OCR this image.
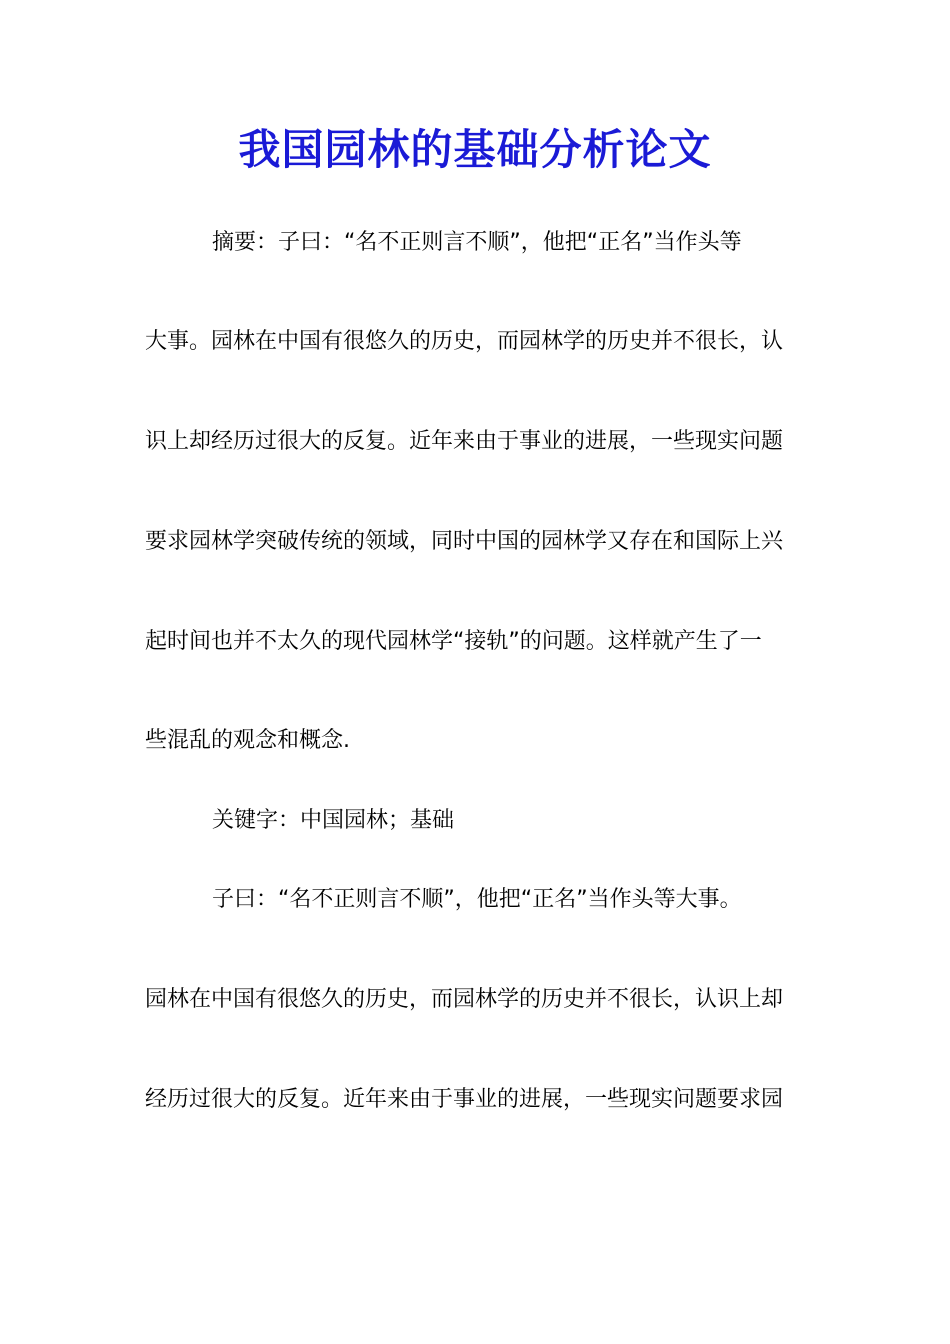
我国园林的基础分析论文
摘要：子曰：“名不正则言不顺”，他把“正名”当作头等
大事。园林在中国有很悠久的历史，而园林学的历史并不很长，认
识上却经历过很大的反复。近年来由于事业的进展，一些现实问题
要求园林学突破传统的领域，同时中国的园林学又存在和国际上兴
起时间也并不太久的现代园林学“接轨”的问题。这样就产生了一
些混乱的观念和概念.
关键字：中国园林；基础
子曰：“名不正则言不顺”，他把“正名”当作头等大事。
园林在中国有很悠久的历史，而园林学的历史并不很长，认识上却
经历过很大的反复。近年来由于事业的进展，一些现实问题要求园
